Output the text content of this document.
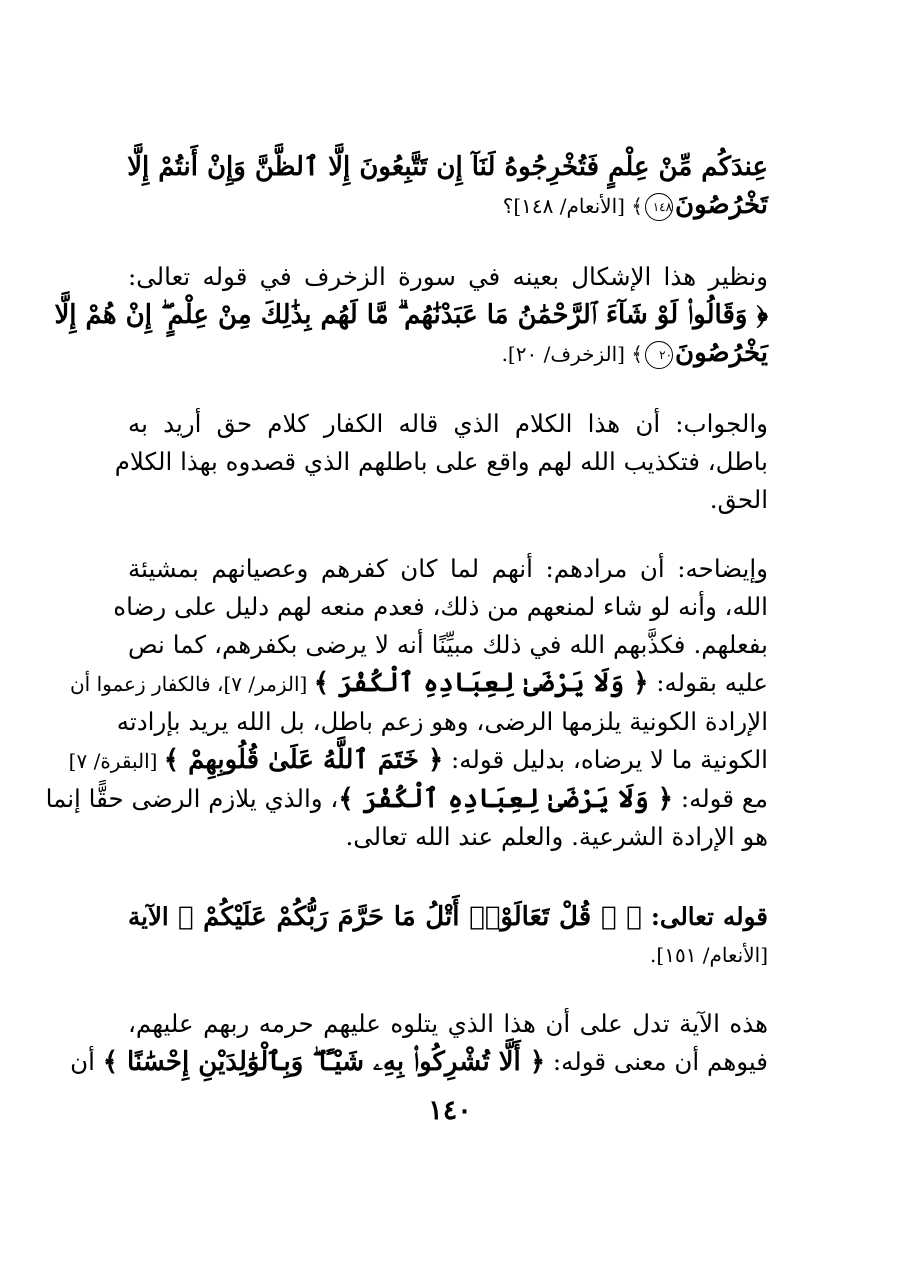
عِندَكُم مِّنْ عِلْمٍ فَتُخْرِجُوهُ لَنَآ إِن تَتَّبِعُونَ إِلَّا ٱلظَّنَّ وَإِنْ أَنتُمْ إِلَّا
تَخْرُصُونَ١٤٨﴾ [الأنعام/ ١٤٨]؟
ونظير هذا الإشكال بعينه في سورة الزخرف في قوله تعالى:
﴿ وَقَالُوا۟ لَوْ شَآءَ ٱلرَّحْمَٰنُ مَا عَبَدْنَٰهُم ۗ مَّا لَهُم بِذَٰلِكَ مِنْ عِلْمٍ ۖ إِنْ هُمْ إِلَّا
يَخْرُصُونَ٢٠﴾ [الزخرف/ ٢٠].
والجواب: أن هذا الكلام الذي قاله الكفار كلام حق أريد به
باطل، فتكذيب الله لهم واقع على باطلهم الذي قصدوه بهذا الكلام
الحق.
وإيضاحه: أن مرادهم: أنهم لما كان كفرهم وعصيانهم بمشيئة
الله، وأنه لو شاء لمنعهم من ذلك، فعدم منعه لهم دليل على رضاه
بفعلهم. فكذَّبهم الله في ذلك مبيِّنًا أنه لا يرضى بكفرهم، كما نص
عليه بقوله: ﴿ وَلَا يَرْضَىٰ لِعِبَادِهِ ٱلْكُفْرَ ﴾ [الزمر/ ٧]، فالكفار زعموا أن
الإرادة الكونية يلزمها الرضى، وهو زعم باطل، بل الله يريد بإرادته
الكونية ما لا يرضاه، بدليل قوله: ﴿ خَتَمَ ٱللَّهُ عَلَىٰ قُلُوبِهِمْ ﴾ [البقرة/ ٧]
مع قوله: ﴿ وَلَا يَرْضَىٰ لِعِبَادِهِ ٱلْكُفْرَ ﴾، والذي يلازم الرضى حقًّا إنما
هو الإرادة الشرعية. والعلم عند الله تعالى.
قوله تعالى: ﴿ ۞ قُلْ تَعَالَوْا۟ أَتْلُ مَا حَرَّمَ رَبُّكُمْ عَلَيْكُمْ ﴾ الآية
[الأنعام/ ١٥١].
هذه الآية تدل على أن هذا الذي يتلوه عليهم حرمه ربهم عليهم،
فيوهم أن معنى قوله: ﴿ أَلَّا تُشْرِكُوا۟ بِهِۦ شَيْـًٔا ۖ وَبِٱلْوَٰلِدَيْنِ إِحْسَٰنًا ﴾ أن
١٤٠
